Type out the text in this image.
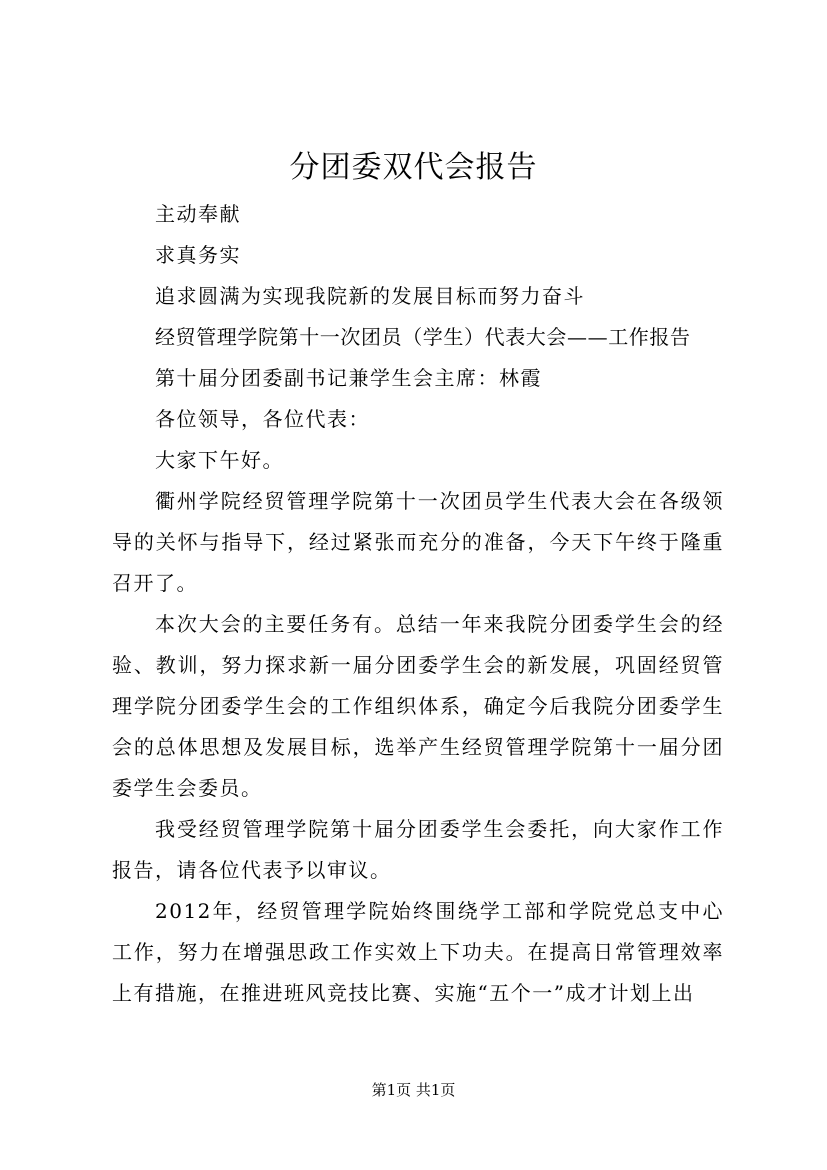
分团委双代会报告

主动奉献

求真务实

追求圆满为实现我院新的发展目标而努力奋斗

经贸管理学院第十一次团员（学生）代表大会——工作报告

第十届分团委副书记兼学生会主席：林霞

各位领导，各位代表：

大家下午好。

衢州学院经贸管理学院第十一次团员学生代表大会在各级领导的关怀与指导下，经过紧张而充分的准备，今天下午终于隆重召开了。

本次大会的主要任务有。总结一年来我院分团委学生会的经验、教训，努力探求新一届分团委学生会的新发展，巩固经贸管理学院分团委学生会的工作组织体系，确定今后我院分团委学生会的总体思想及发展目标，选举产生经贸管理学院第十一届分团委学生会委员。

我受经贸管理学院第十届分团委学生会委托，向大家作工作报告，请各位代表予以审议。

2012年，经贸管理学院始终围绕学工部和学院党总支中心工作，努力在增强思政工作实效上下功夫。在提高日常管理效率上有措施，在推进班风竞技比赛、实施“五个一”成才计划上出

第1页 共1页
